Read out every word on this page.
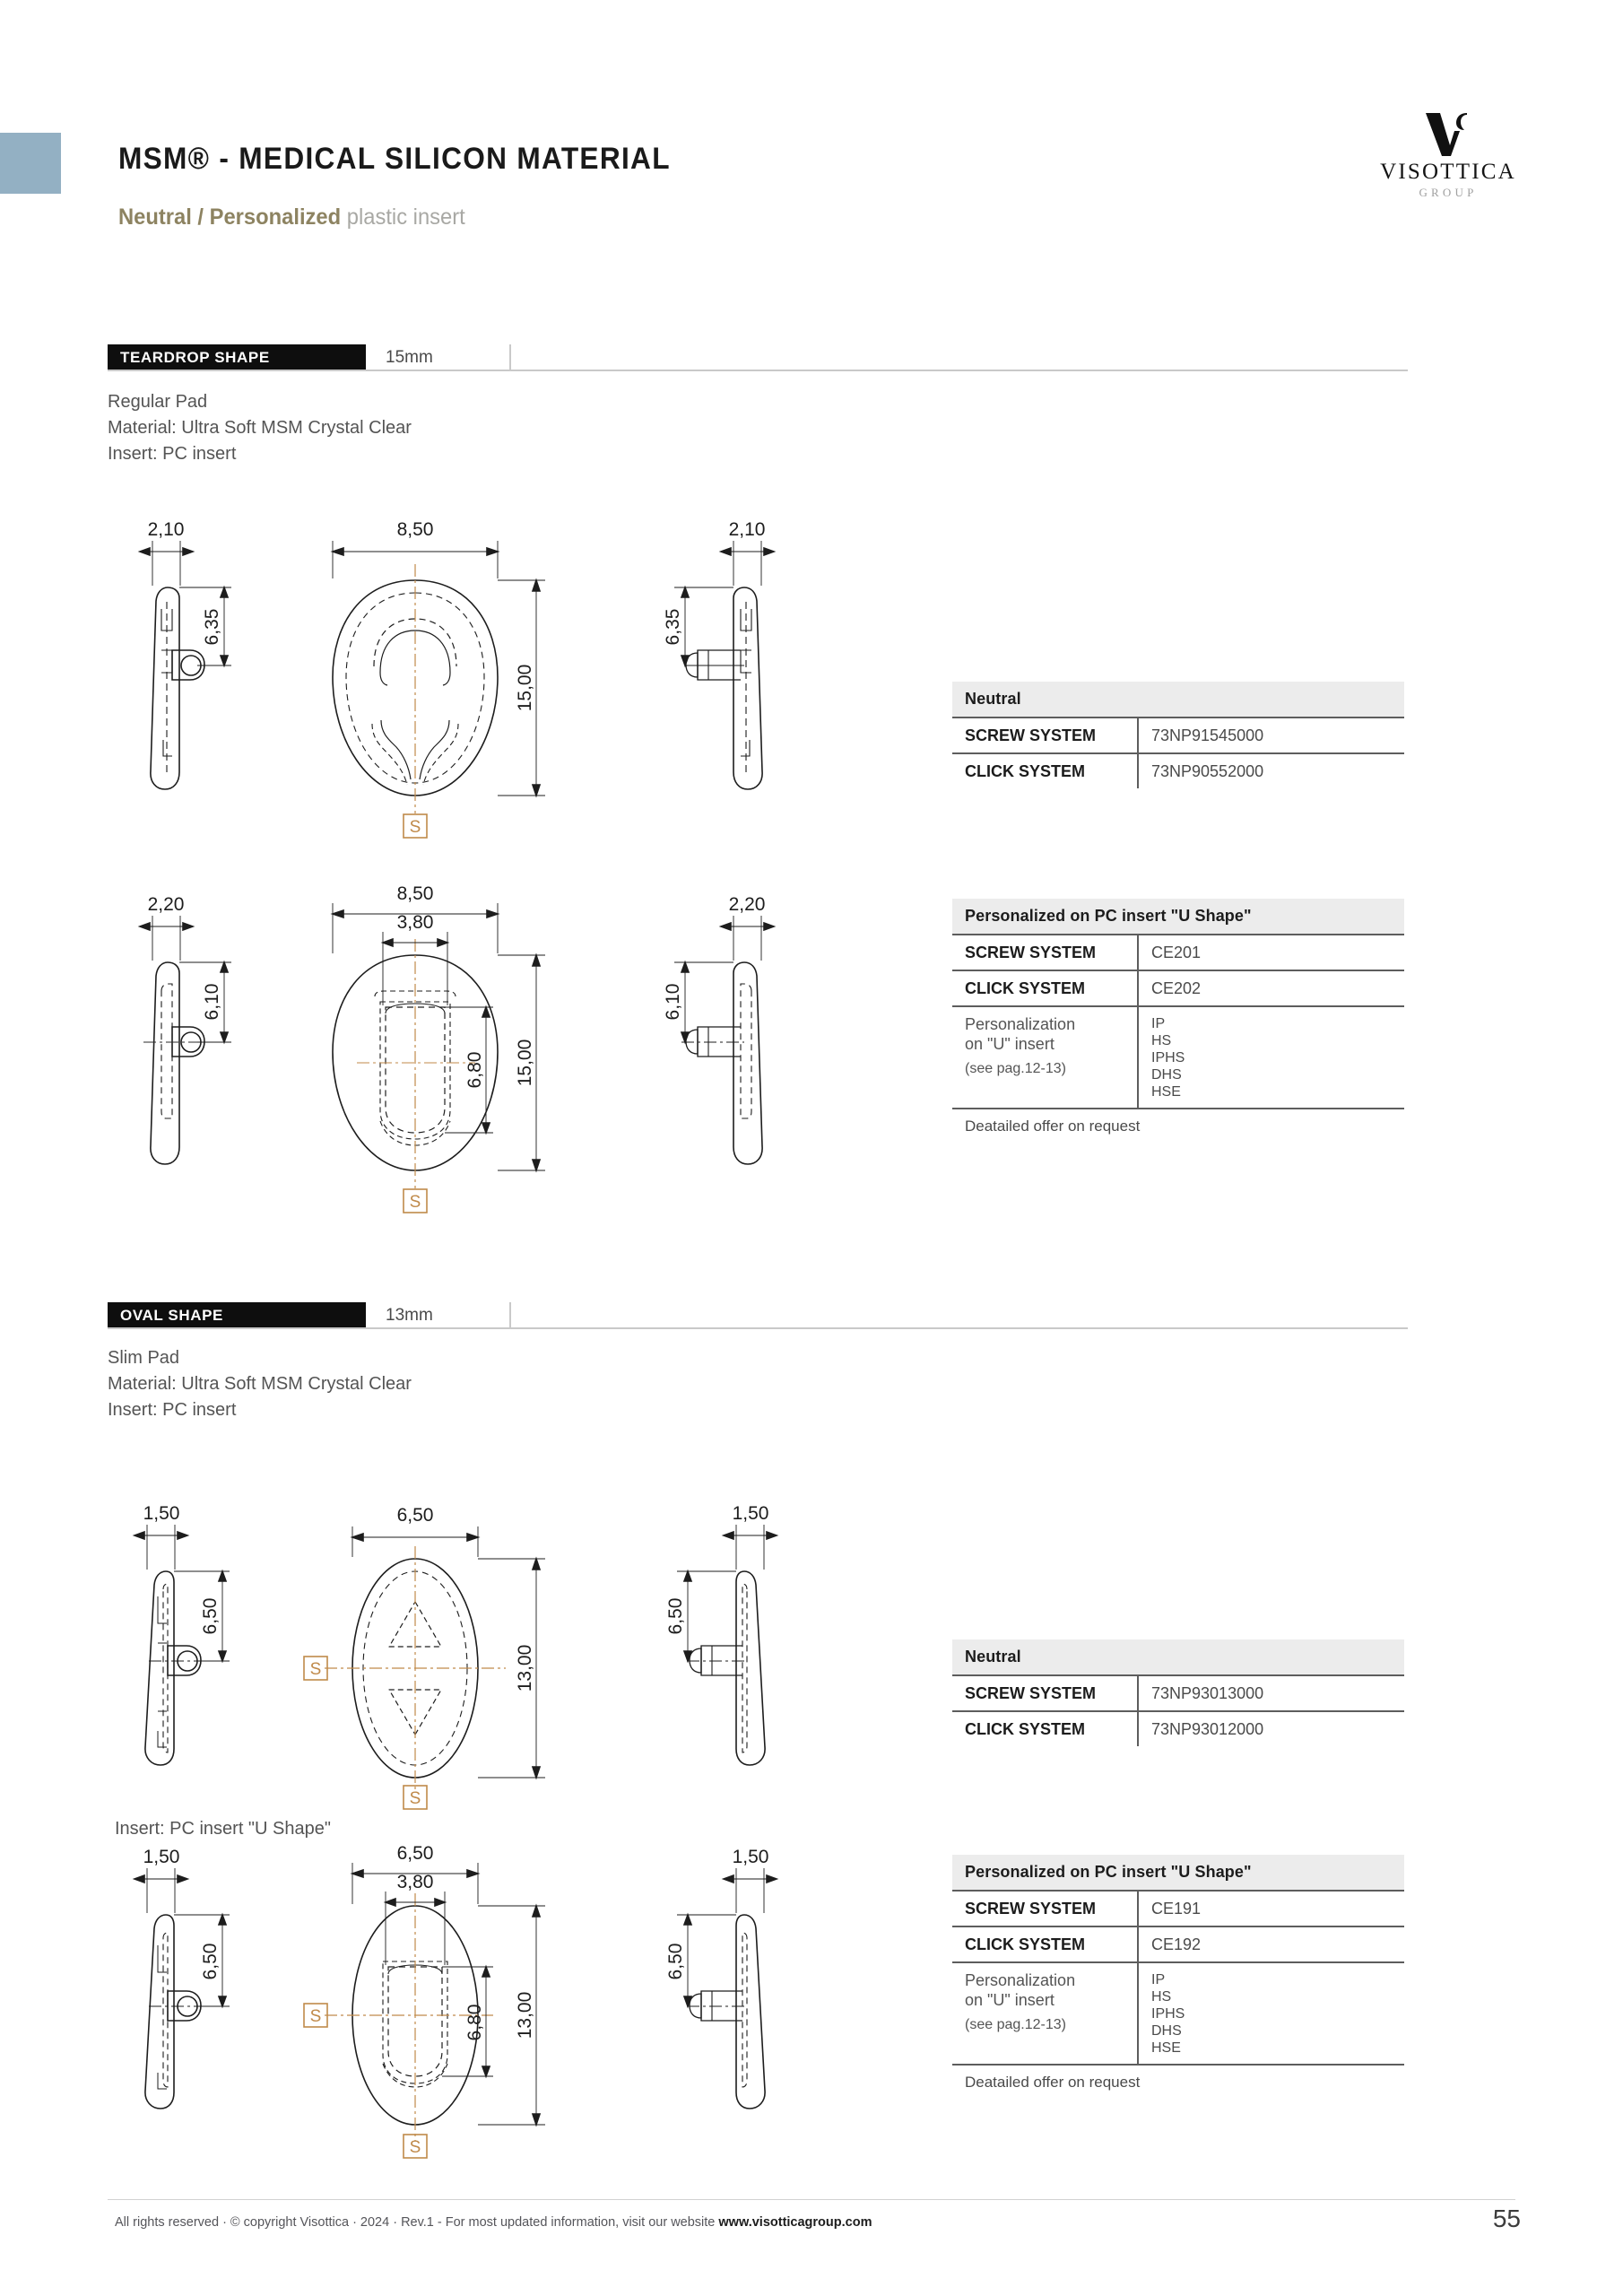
MSM® - MEDICAL SILICON MATERIAL
Neutral / Personalized plastic insert
VISOTTICA
GROUP
TEARDROP SHAPE	15mm
Regular Pad
Material: Ultra Soft MSM Crystal Clear
Insert: PC insert
2,10	8,50	2,10
6,35
15,00
6,35
S
2,20
8,50
3,80
2,20
6,10
6,80 15,00
6,10
S
Neutral
SCREW SYSTEM	73NP91545000
CLICK SYSTEM	73NP90552000
Personalized on PC insert "U Shape"
SCREW SYSTEM	CE201
CLICK SYSTEM	CE202
Personalization
on "U" insert
(see pag.12-13)
IP
HS
IPHS
DHS
HSE
Deatailed offer on request
OVAL SHAPE	13mm
Slim Pad
Material: Ultra Soft MSM Crystal Clear
Insert: PC insert
1,50	6,50	1,50
6,50
13,00
6,50
S
S
Insert: PC insert "U Shape"
1,50	6,50
3,80
1,50
6,50
6,80 13,00
6,50
S
S
Neutral
SCREW SYSTEM	73NP93013000
CLICK SYSTEM	73NP93012000
Personalized on PC insert "U Shape"
SCREW SYSTEM	CE191
CLICK SYSTEM	CE192
Personalization
on "U" insert
(see pag.12-13)
IP
HS
IPHS
DHS
HSE
Deatailed offer on request
All rights reserved · © copyright Visottica · 2024 · Rev.1 - For most updated information, visit our website www.visotticagroup.com	55
